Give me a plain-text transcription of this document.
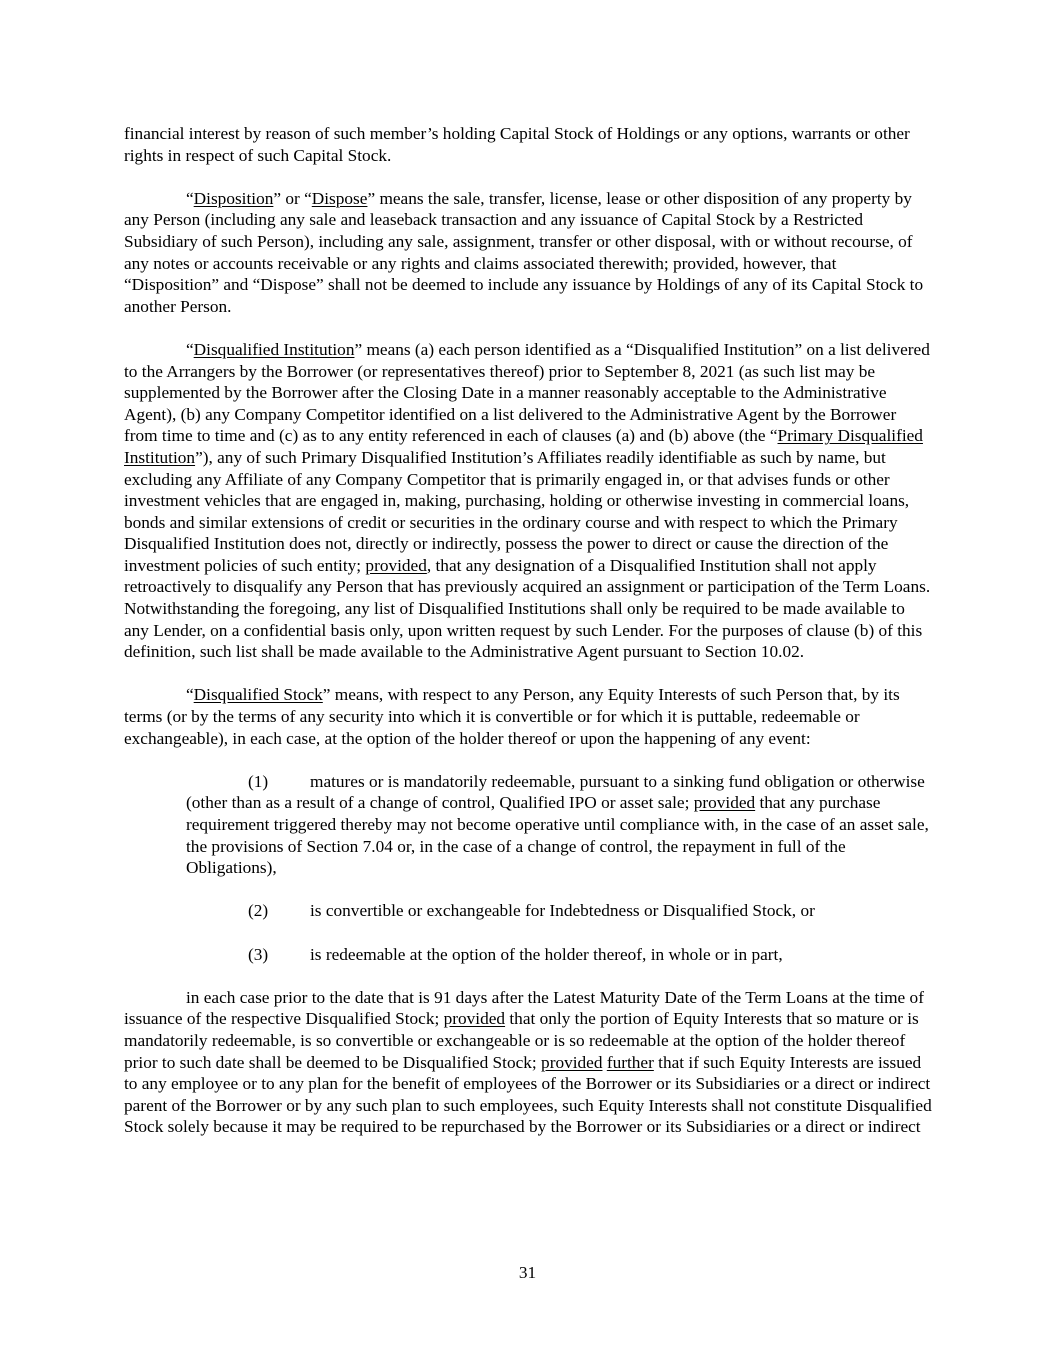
financial interest by reason of such member’s holding Capital Stock of Holdings or any options, warrants or other rights in respect of such Capital Stock.

“Disposition” or “Dispose” means the sale, transfer, license, lease or other disposition of any property by any Person (including any sale and leaseback transaction and any issuance of Capital Stock by a Restricted Subsidiary of such Person), including any sale, assignment, transfer or other disposal, with or without recourse, of any notes or accounts receivable or any rights and claims associated therewith; provided, however, that “Disposition” and “Dispose” shall not be deemed to include any issuance by Holdings of any of its Capital Stock to another Person.

“Disqualified Institution” means (a) each person identified as a “Disqualified Institution” on a list delivered to the Arrangers by the Borrower (or representatives thereof) prior to September 8, 2021 (as such list may be supplemented by the Borrower after the Closing Date in a manner reasonably acceptable to the Administrative Agent), (b) any Company Competitor identified on a list delivered to the Administrative Agent by the Borrower from time to time and (c) as to any entity referenced in each of clauses (a) and (b) above (the “Primary Disqualified Institution”), any of such Primary Disqualified Institution’s Affiliates readily identifiable as such by name, but excluding any Affiliate of any Company Competitor that is primarily engaged in, or that advises funds or other investment vehicles that are engaged in, making, purchasing, holding or otherwise investing in commercial loans, bonds and similar extensions of credit or securities in the ordinary course and with respect to which the Primary Disqualified Institution does not, directly or indirectly, possess the power to direct or cause the direction of the investment policies of such entity; provided, that any designation of a Disqualified Institution shall not apply retroactively to disqualify any Person that has previously acquired an assignment or participation of the Term Loans. Notwithstanding the foregoing, any list of Disqualified Institutions shall only be required to be made available to any Lender, on a confidential basis only, upon written request by such Lender. For the purposes of clause (b) of this definition, such list shall be made available to the Administrative Agent pursuant to Section 10.02.

“Disqualified Stock” means, with respect to any Person, any Equity Interests of such Person that, by its terms (or by the terms of any security into which it is convertible or for which it is puttable, redeemable or exchangeable), in each case, at the option of the holder thereof or upon the happening of any event:

(1) matures or is mandatorily redeemable, pursuant to a sinking fund obligation or otherwise (other than as a result of a change of control, Qualified IPO or asset sale; provided that any purchase requirement triggered thereby may not become operative until compliance with, in the case of an asset sale, the provisions of Section 7.04 or, in the case of a change of control, the repayment in full of the Obligations),

(2) is convertible or exchangeable for Indebtedness or Disqualified Stock, or

(3) is redeemable at the option of the holder thereof, in whole or in part,

in each case prior to the date that is 91 days after the Latest Maturity Date of the Term Loans at the time of issuance of the respective Disqualified Stock; provided that only the portion of Equity Interests that so mature or is mandatorily redeemable, is so convertible or exchangeable or is so redeemable at the option of the holder thereof prior to such date shall be deemed to be Disqualified Stock; provided further that if such Equity Interests are issued to any employee or to any plan for the benefit of employees of the Borrower or its Subsidiaries or a direct or indirect parent of the Borrower or by any such plan to such employees, such Equity Interests shall not constitute Disqualified Stock solely because it may be required to be repurchased by the Borrower or its Subsidiaries or a direct or indirect

31
